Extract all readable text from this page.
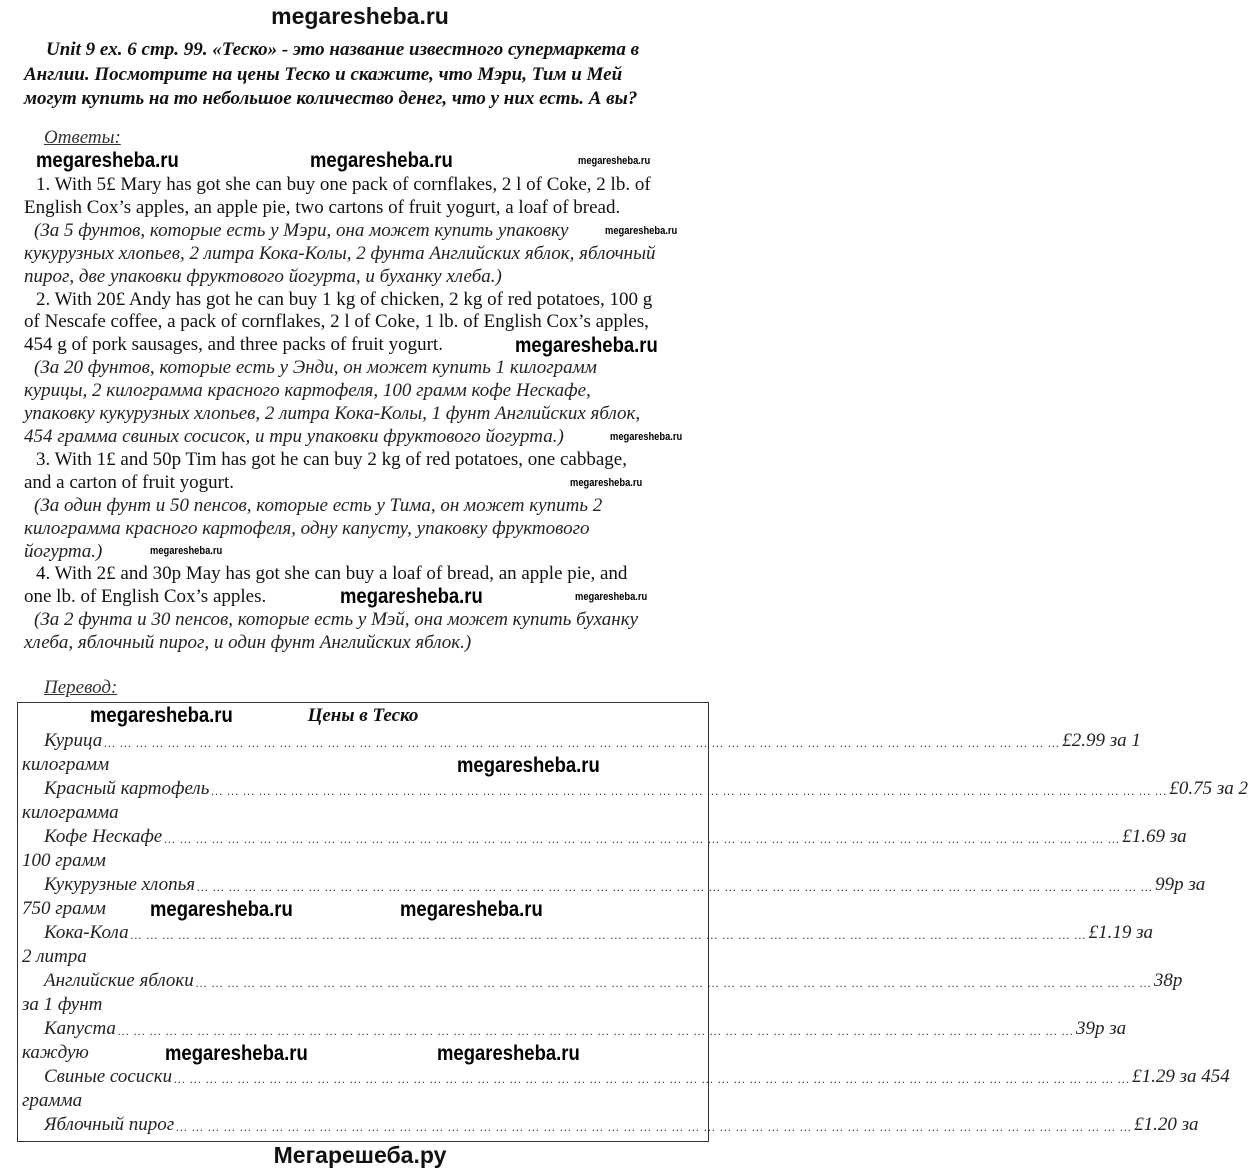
megaresheba.ru

Unit 9 ex. 6 стр. 99. «Теско» - это название известного супермаркета в

Англии. Посмотрите на цены Теско и скажите, что Мэри, Тим и Мей

могут купить на то небольшое количество денег, что у них есть. А вы?

Ответы:
1. With 5£ Mary has got she can buy one pack of cornflakes, 2 l of Coke, 2 lb. of
English Cox’s apples, an apple pie, two cartons of fruit yogurt, a loaf of bread.
(За 5 фунтов, которые есть у Мэри, она может купить упаковку
кукурузных хлопьев, 2 литра Кока-Колы, 2 фунта Английских яблок, яблочный
пирог, две упаковки фруктового йогурта, и буханку хлеба.)
2. With 20£ Andy has got he can buy 1 kg of chicken, 2 kg of red potatoes, 100 g
of Nescafe coffee, a pack of cornflakes, 2 l of Coke, 1 lb. of English Cox’s apples,
454 g of pork sausages, and three packs of fruit yogurt.
(За 20 фунтов, которые есть у Энди, он может купить 1 килограмм
курицы, 2 килограмма красного картофеля, 100 грамм кофе Нескафе,
упаковку кукурузных хлопьев, 2 литра Кока-Колы, 1 фунт Английских яблок,
454 грамма свиных сосисок, и три упаковки фруктового йогурта.)
3. With 1£ and 50p Tim has got he can buy 2 kg of red potatoes, one cabbage,
and a carton of fruit yogurt.
(За один фунт и 50 пенсов, которые есть у Тима, он может купить 2
килограмма красного картофеля, одну капусту, упаковку фруктового
йогурта.)
4. With 2£ and 30p May has got she can buy a loaf of bread, an apple pie, and
one lb. of English Cox’s apples.
(За 2 фунта и 30 пенсов, которые есть у Мэй, она может купить буханку
хлеба, яблочный пирог, и один фунт Английских яблок.)
Перевод:
Цены в Теско
Курица ... ... ... ... ... ... ... ... ... ... ... ... ... ... ... ... ... ... ... ... ... ... ... ... ... ... ... ... ... ... ... ... ... ... ... ... ... ... ... ... ... ... ... ... ... ... ... ... ... ... ... ... ... ... ... ... ... ... ... ... £2.99 за 1
килограмм
Красный картофель ... ... ... ... ... ... ... ... ... ... ... ... ... ... ... ... ... ... ... ... ... ... ... ... ... ... ... ... ... ... ... ... ... ... ... ... ... ... ... ... ... ... ... ... ... ... ... ... ... ... ... ... ... ... ... ... ... ... ... ... £0.75 за 2
килограмма
Кофе Нескафе ... ... ... ... ... ... ... ... ... ... ... ... ... ... ... ... ... ... ... ... ... ... ... ... ... ... ... ... ... ... ... ... ... ... ... ... ... ... ... ... ... ... ... ... ... ... ... ... ... ... ... ... ... ... ... ... ... ... ... ... £1.69 за
100 грамм
Кукурузные хлопья ... ... ... ... ... ... ... ... ... ... ... ... ... ... ... ... ... ... ... ... ... ... ... ... ... ... ... ... ... ... ... ... ... ... ... ... ... ... ... ... ... ... ... ... ... ... ... ... ... ... ... ... ... ... ... ... ... ... ... ... 99р за
750 грамм
Кока-Кола ... ... ... ... ... ... ... ... ... ... ... ... ... ... ... ... ... ... ... ... ... ... ... ... ... ... ... ... ... ... ... ... ... ... ... ... ... ... ... ... ... ... ... ... ... ... ... ... ... ... ... ... ... ... ... ... ... ... ... ... £1.19 за
2 литра
Английские яблоки ... ... ... ... ... ... ... ... ... ... ... ... ... ... ... ... ... ... ... ... ... ... ... ... ... ... ... ... ... ... ... ... ... ... ... ... ... ... ... ... ... ... ... ... ... ... ... ... ... ... ... ... ... ... ... ... ... ... ... ... 38р
за 1 фунт
Капуста ... ... ... ... ... ... ... ... ... ... ... ... ... ... ... ... ... ... ... ... ... ... ... ... ... ... ... ... ... ... ... ... ... ... ... ... ... ... ... ... ... ... ... ... ... ... ... ... ... ... ... ... ... ... ... ... ... ... ... ... 39р за
каждую
Свиные сосиски ... ... ... ... ... ... ... ... ... ... ... ... ... ... ... ... ... ... ... ... ... ... ... ... ... ... ... ... ... ... ... ... ... ... ... ... ... ... ... ... ... ... ... ... ... ... ... ... ... ... ... ... ... ... ... ... ... ... ... ... £1.29 за 454
грамма
Яблочный пирог ... ... ... ... ... ... ... ... ... ... ... ... ... ... ... ... ... ... ... ... ... ... ... ... ... ... ... ... ... ... ... ... ... ... ... ... ... ... ... ... ... ... ... ... ... ... ... ... ... ... ... ... ... ... ... ... ... ... ... ... £1.20 за
megaresheba.ru	megaresheba.ru	megaresheba.ru
megaresheba.ru
megaresheba.ru
megaresheba.ru
megaresheba.ru
megaresheba.ru
megaresheba.ru	megaresheba.ru
megaresheba.ru
megaresheba.ru
megaresheba.ru	megaresheba.ru
megaresheba.ru	megaresheba.ru
Мегарешеба.ру
